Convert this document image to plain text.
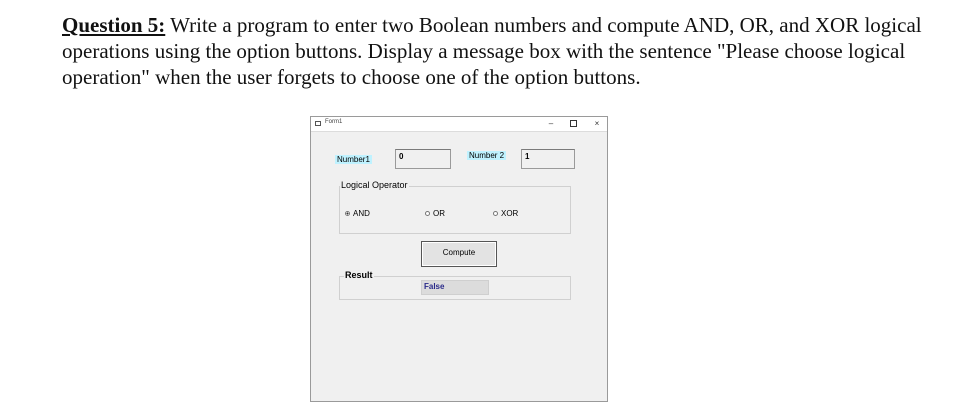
Question 5: Write a program to enter two Boolean numbers and compute AND, OR, and XOR logical operations using the option buttons. Display a message box with the sentence "Please choose logical operation" when the user forgets to choose one of the option buttons.
Form1	–	×
Number1	0	Number 2	1
Logical Operator
AND	OR	XOR
Compute
Result
False
